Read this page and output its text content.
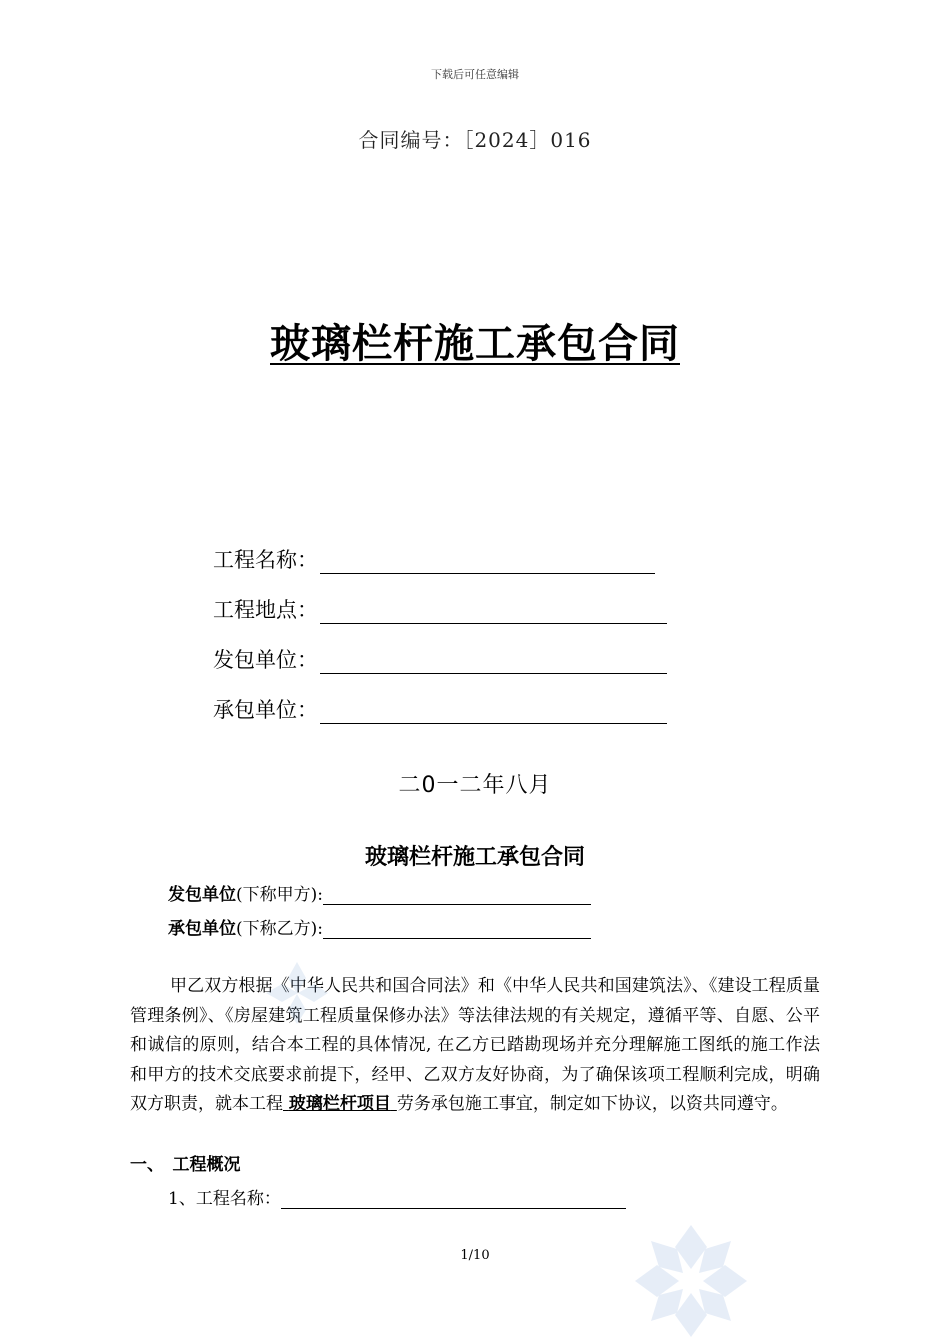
下载后可任意编辑
合同编号：［2024］016
玻璃栏杆施工承包合同
工程名称：
工程地点：
发包单位：
承包单位：
二0一二年八月
玻璃栏杆施工承包合同
发包单位(下称甲方):
承包单位(下称乙方):
甲乙双方根据《中华人民共和国合同法》和《中华人民共和国建筑法》、《建设工程质量管理条例》、《房屋建筑工程质量保修办法》等法律法规的有关规定，遵循平等、自愿、公平和诚信的原则，结合本工程的具体情况, 在乙方已踏勘现场并充分理解施工图纸的施工作法和甲方的技术交底要求前提下，经甲、乙双方友好协商，为了确保该项工程顺利完成，明确双方职责，就本工程 玻璃栏杆项目 劳务承包施工事宜，制定如下协议，以资共同遵守。
一、　工程概况
1、工程名称：
1/10
